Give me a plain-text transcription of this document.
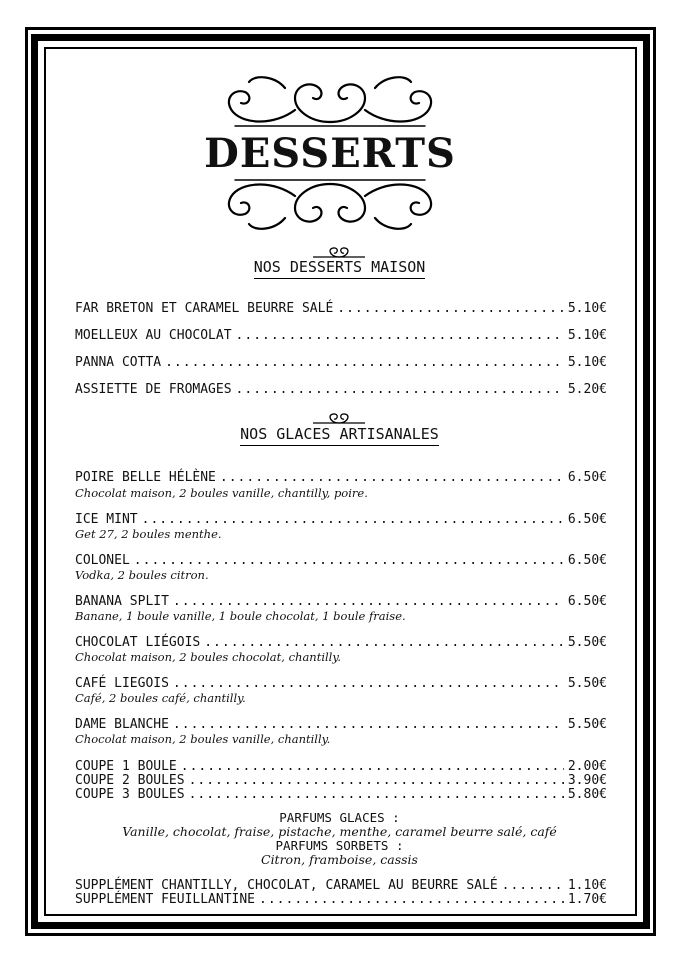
DESSERTS
NOS DESSERTS MAISON
FAR BRETON ET CARAMEL BEURRE SALÉ .....	5.10€
MOELLEUX AU CHOCOLAT .....	5.10€
PANNA COTTA .....	5.10€
ASSIETTE DE FROMAGES .....	5.20€
NOS GLACES ARTISANALES
POIRE BELLE HÉLÈNE .....	6.50€
Chocolat maison, 2 boules vanille, chantilly, poire.
ICE MINT .....	6.50€
Get 27, 2 boules menthe.
COLONEL .....	6.50€
Vodka, 2 boules citron.
BANANA SPLIT .....	6.50€
Banane, 1 boule vanille, 1 boule chocolat, 1 boule fraise.
CHOCOLAT LIÉGOIS .....	5.50€
Chocolat maison, 2 boules chocolat, chantilly.
CAFÉ LIEGOIS .....	5.50€
Café, 2 boules café, chantilly.
DAME BLANCHE .....	5.50€
Chocolat maison, 2 boules vanille, chantilly.
COUPE 1 BOULE .....	2.00€
COUPE 2 BOULES .....	3.90€
COUPE 3 BOULES .....	5.80€
PARFUMS GLACES :
Vanille, chocolat, fraise, pistache, menthe, caramel beurre salé, café
PARFUMS SORBETS :
Citron, framboise, cassis
SUPPLÉMENT CHANTILLY, CHOCOLAT, CARAMEL AU BEURRE SALÉ .....	1.10€
SUPPLÉMENT FEUILLANTINE .....	1.70€
